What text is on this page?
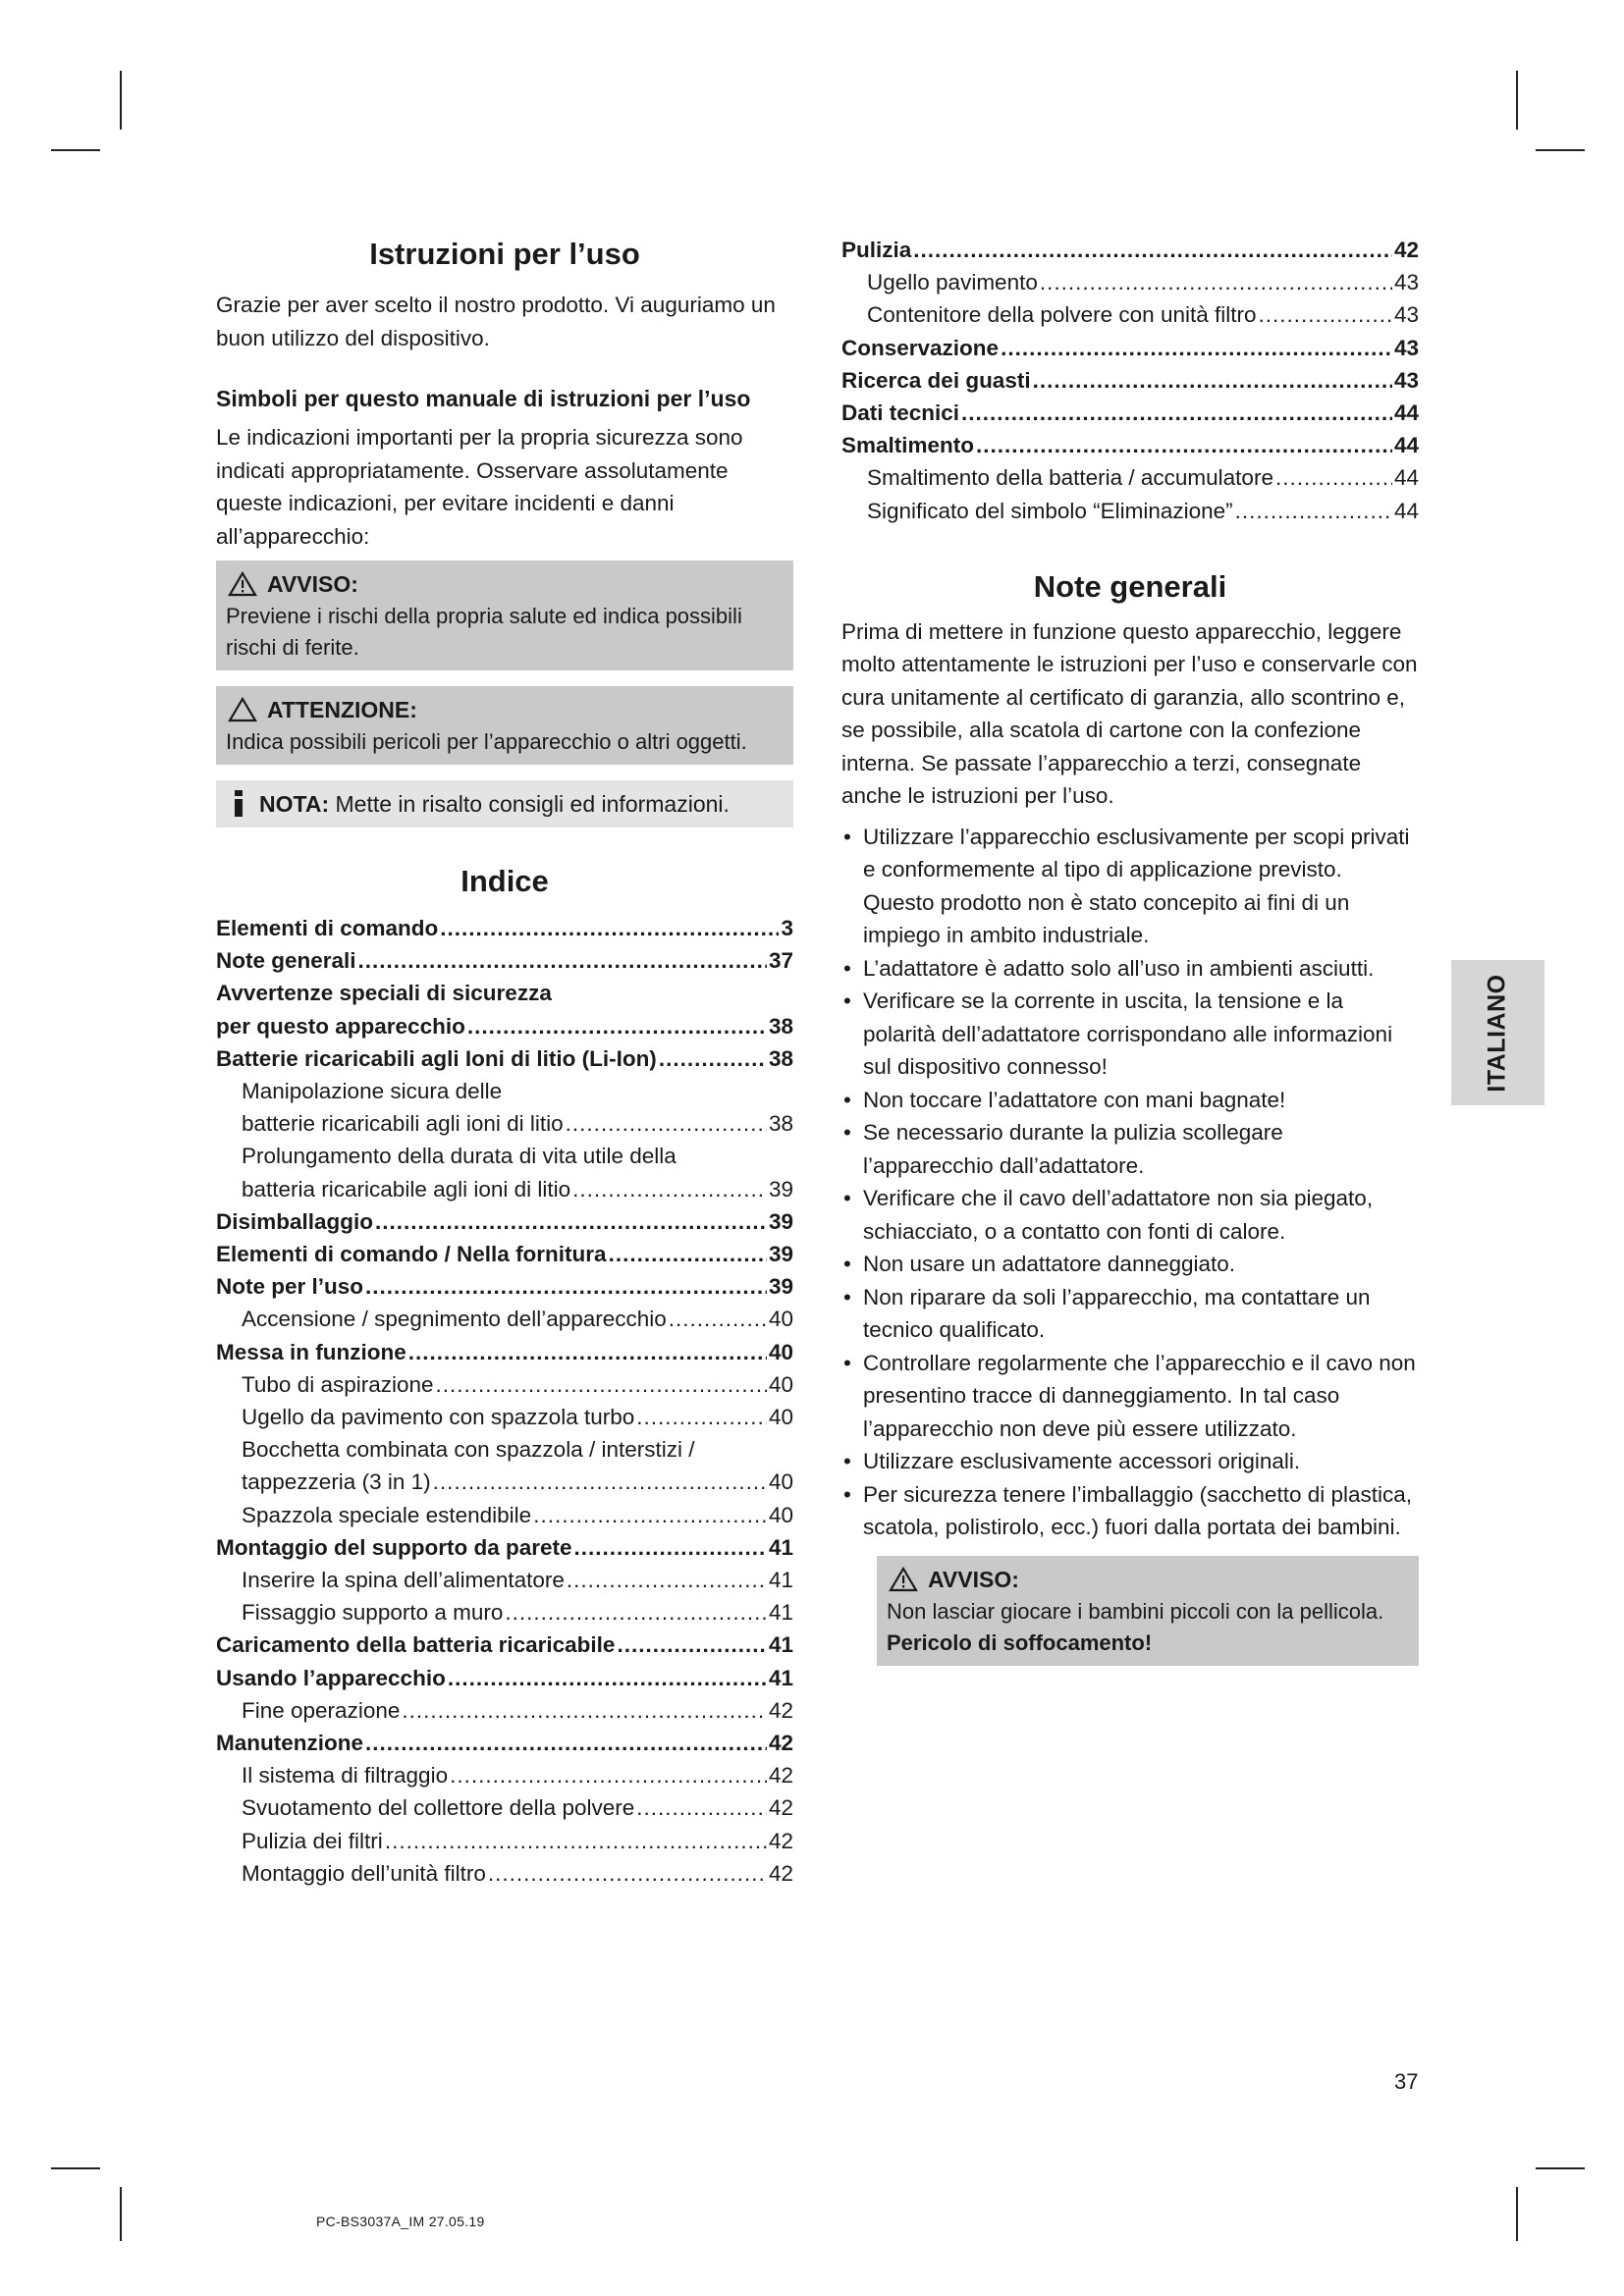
Istruzioni per l’uso

Grazie per aver scelto il nostro prodotto. Vi auguriamo un buon utilizzo del dispositivo.

Simboli per questo manuale di istruzioni per l’uso

Le indicazioni importanti per la propria sicurezza sono indicati appropriatamente. Osservare assolutamente queste indicazioni, per evitare incidenti e danni all’apparecchio:

AVVISO:
Previene i rischi della propria salute ed indica possibili rischi di ferite.
ATTENZIONE:
Indica possibili pericoli per l’apparecchio o altri oggetti.
NOTA: Mette in risalto consigli ed informazioni.
Indice
Elementi di comando .....	3
Note generali .....	37
Avvertenze speciali di sicurezza
per questo apparecchio .....	38
Batterie ricaricabili agli Ioni di litio (Li-Ion) .....	38
Manipolazione sicura delle
batterie ricaricabili agli ioni di litio .....	38
Prolungamento della durata di vita utile della
batteria ricaricabile agli ioni di litio .....	39
Disimballaggio .....	39
Elementi di comando / Nella fornitura .....	39
Note per l’uso .....	39
Accensione / spegnimento dell’apparecchio .....	40
Messa in funzione .....	40
Tubo di aspirazione .....	40
Ugello da pavimento con spazzola turbo .....	40
Bocchetta combinata con spazzola / interstizi /
tappezzeria (3 in 1) .....	40
Spazzola speciale estendibile .....	40
Montaggio del supporto da parete .....	41
Inserire la spina dell’alimentatore .....	41
Fissaggio supporto a muro .....	41
Caricamento della batteria ricaricabile .....	41
Usando l’apparecchio .....	41
Fine operazione .....	42
Manutenzione .....	42
Il sistema di filtraggio .....	42
Svuotamento del collettore della polvere .....	42
Pulizia dei filtri .....	42
Montaggio dell’unità filtro .....	42
Pulizia .....	42
Ugello pavimento .....	43
Contenitore della polvere con unità filtro .....	43
Conservazione .....	43
Ricerca dei guasti .....	43
Dati tecnici .....	44
Smaltimento .....	44
Smaltimento della batteria / accumulatore .....	44
Significato del simbolo “Eliminazione” .....	44
Note generali

Prima di mettere in funzione questo apparecchio, leggere molto attentamente le istruzioni per l’uso e conservarle con cura unitamente al certificato di garanzia, allo scontrino e, se possibile, alla scatola di cartone con la confezione interna. Se passate l’apparecchio a terzi, consegnate anche le istruzioni per l’uso.

• Utilizzare l’apparecchio esclusivamente per scopi privati e conformemente al tipo di applicazione previsto. Questo prodotto non è stato concepito ai fini di un impiego in ambito industriale.
• L’adattatore è adatto solo all’uso in ambienti asciutti.
• Verificare se la corrente in uscita, la tensione e la polarità dell’adattatore corrispondano alle informazioni sul dispositivo connesso!
• Non toccare l’adattatore con mani bagnate!
• Se necessario durante la pulizia scollegare l’apparecchio dall’adattatore.
• Verificare che il cavo dell’adattatore non sia piegato, schiacciato, o a contatto con fonti di calore.
• Non usare un adattatore danneggiato.
• Non riparare da soli l’apparecchio, ma contattare un tecnico qualificato.
• Controllare regolarmente che l’apparecchio e il cavo non presentino tracce di danneggiamento. In tal caso l’apparecchio non deve più essere utilizzato.
• Utilizzare esclusivamente accessori originali.
• Per sicurezza tenere l’imballaggio (sacchetto di plastica, scatola, polistirolo, ecc.) fuori dalla portata dei bambini.
AVVISO:
Non lasciar giocare i bambini piccoli con la pellicola.
Pericolo di soffocamento!
ITALIANO
37
PC-BS3037A_IM 27.05.19
